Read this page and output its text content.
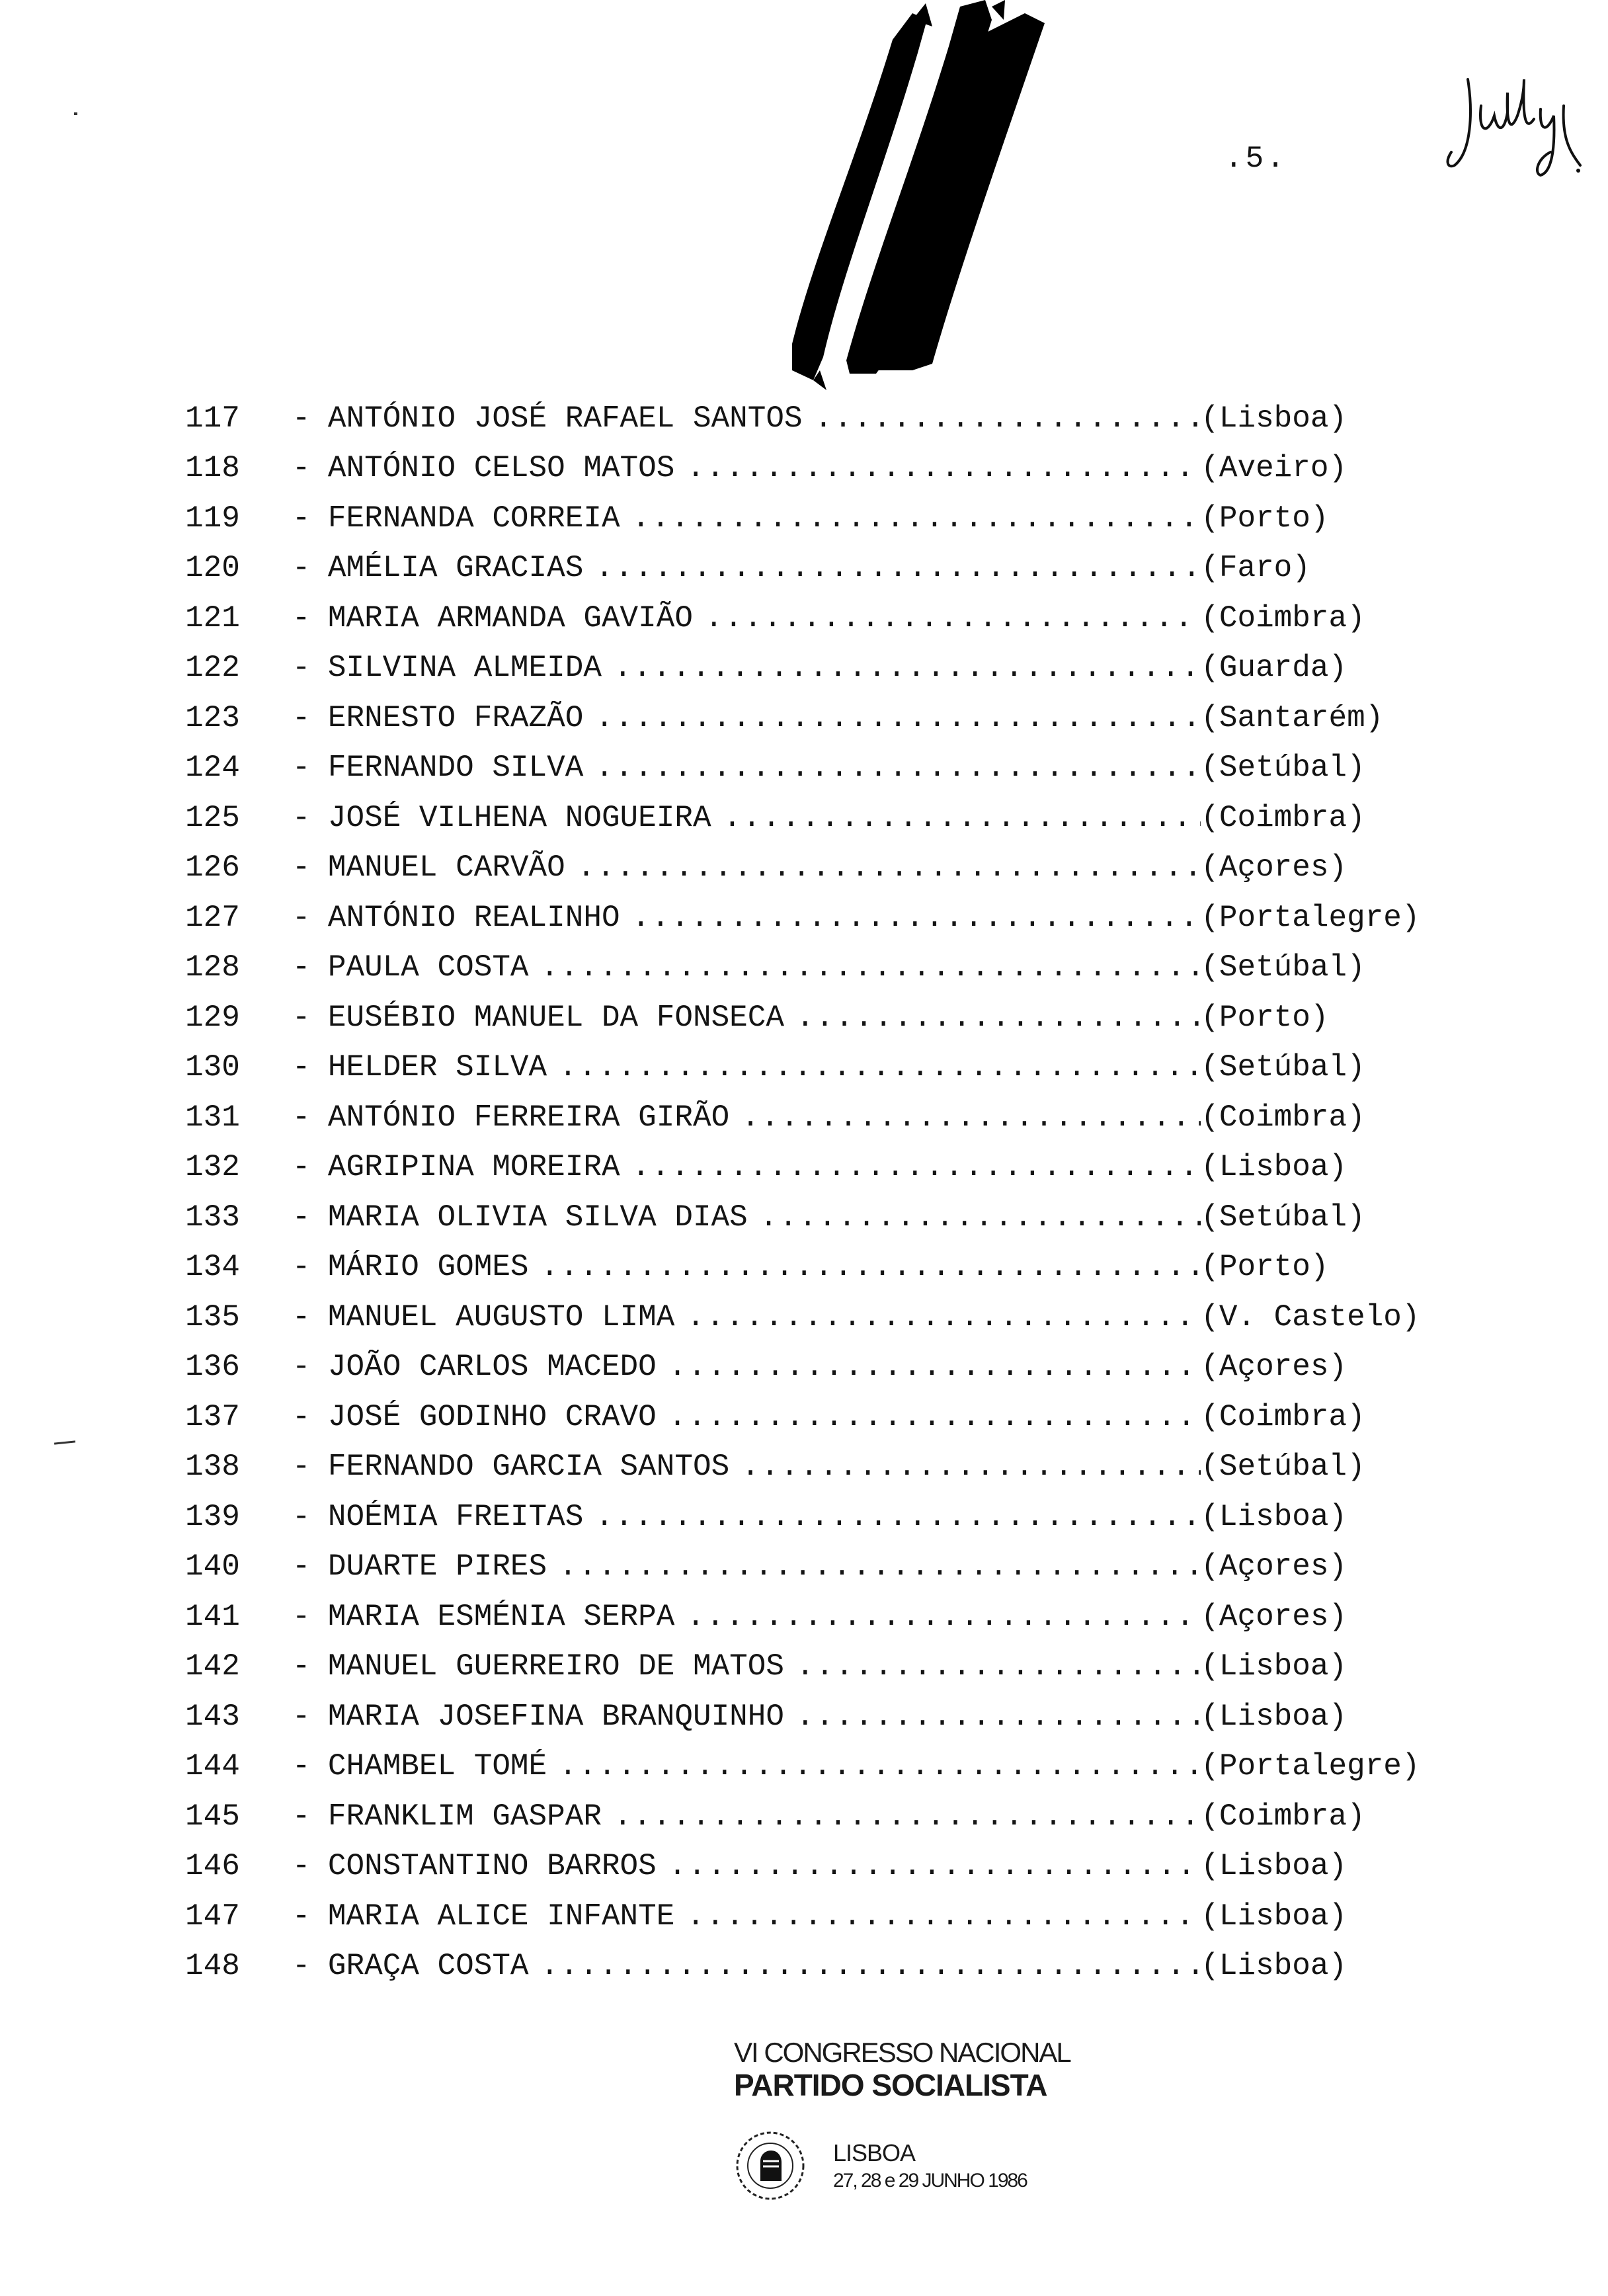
.5.
117	- ANTÓNIO JOSÉ RAFAEL SANTOS .....	(Lisboa)
118	- ANTÓNIO CELSO MATOS .....	(Aveiro)
119	- FERNANDA CORREIA .....	(Porto)
120	- AMÉLIA GRACIAS .....	(Faro)
121	- MARIA ARMANDA GAVIÃO .....	(Coimbra)
122	- SILVINA ALMEIDA .....	(Guarda)
123	- ERNESTO FRAZÃO .....	(Santarém)
124	- FERNANDO SILVA .....	(Setúbal)
125	- JOSÉ VILHENA NOGUEIRA .....	(Coimbra)
126	- MANUEL CARVÃO .....	(Açores)
127	- ANTÓNIO REALINHO .....	(Portalegre)
128	- PAULA COSTA .....	(Setúbal)
129	- EUSÉBIO MANUEL DA FONSECA .....	(Porto)
130	- HELDER SILVA .....	(Setúbal)
131	- ANTÓNIO FERREIRA GIRÃO .....	(Coimbra)
132	- AGRIPINA MOREIRA .....	(Lisboa)
133	- MARIA OLIVIA SILVA DIAS .....	(Setúbal)
134	- MÁRIO GOMES .....	(Porto)
135	- MANUEL AUGUSTO LIMA .....	(V. Castelo)
136	- JOÃO CARLOS MACEDO .....	(Açores)
137	- JOSÉ GODINHO CRAVO .....	(Coimbra)
138	- FERNANDO GARCIA SANTOS .....	(Setúbal)
139	- NOÉMIA FREITAS .....	(Lisboa)
140	- DUARTE PIRES .....	(Açores)
141	- MARIA ESMÉNIA SERPA .....	(Açores)
142	- MANUEL GUERREIRO DE MATOS .....	(Lisboa)
143	- MARIA JOSEFINA BRANQUINHO .....	(Lisboa)
144	- CHAMBEL TOMÉ .....	(Portalegre)
145	- FRANKLIM GASPAR .....	(Coimbra)
146	- CONSTANTINO BARROS .....	(Lisboa)
147	- MARIA ALICE INFANTE .....	(Lisboa)
148	- GRAÇA COSTA .....	(Lisboa)
VI CONGRESSO NACIONAL
PARTIDO SOCIALISTA
LISBOA
27, 28 e 29 JUNHO 1986
